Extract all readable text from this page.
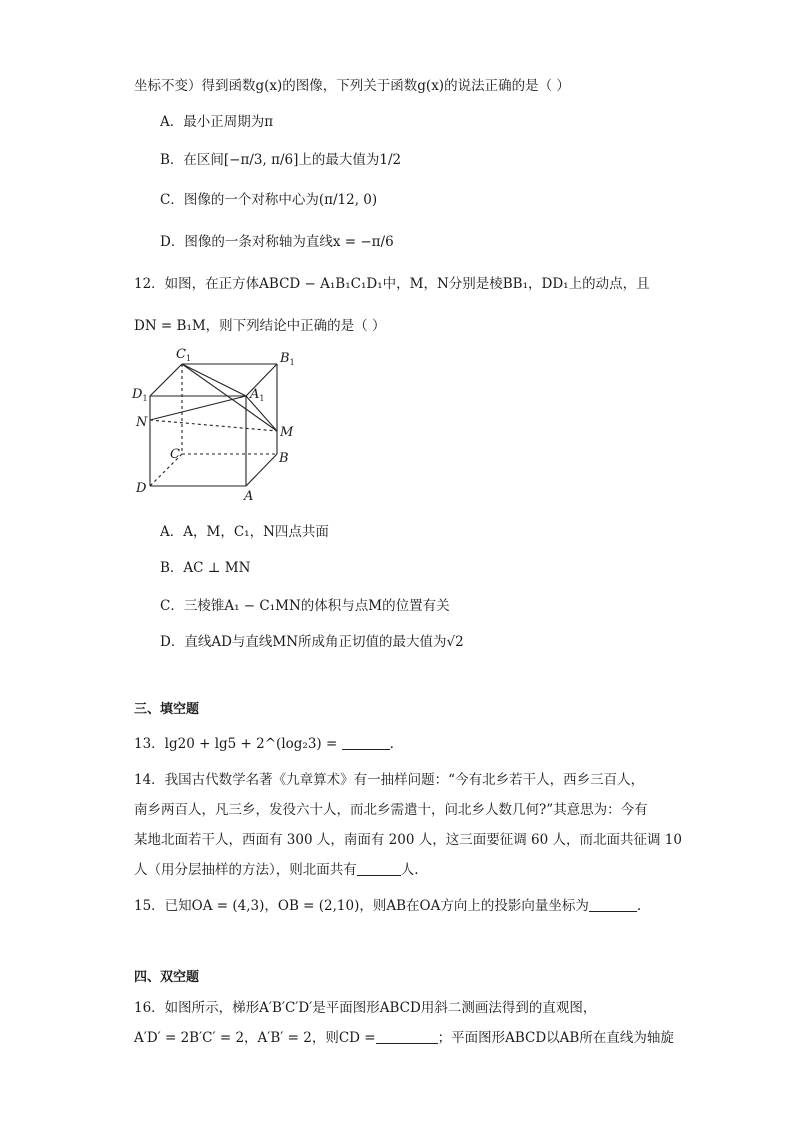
坐标不变）得到函数g(x)的图像，下列关于函数g(x)的说法正确的是（ ）
A．最小正周期为π
B．在区间[−π/3, π/6]上的最大值为1/2
C．图像的一个对称中心为(π/12, 0)
D．图像的一条对称轴为直线x = −π/6
12．如图，在正方体ABCD − A₁B₁C₁D₁中，M，N分别是棱BB₁，DD₁上的动点，且
DN = B₁M，则下列结论中正确的是（ ）
$C_1$	$B_1$
$D_1$	$A_1$
N
M
C	B
D
A
A．A，M，C₁，N四点共面
B．AC ⊥ MN
C．三棱锥A₁ − C₁MN的体积与点M的位置有关
D．直线AD与直线MN所成角正切值的最大值为√2
三、填空题
13．lg20 + lg5 + 2^(log₂3) =	.
14．我国古代数学名著《九章算术》有一抽样问题：“今有北乡若干人，西乡三百人，
南乡两百人，凡三乡，发役六十人，而北乡需遣十，问北乡人数几何?”其意思为：今有
某地北面若干人，西面有 300 人，南面有 200 人，这三面要征调 60 人，而北面共征调 10
人（用分层抽样的方法），则北面共有	人.
15．已知OA = (4,3)，OB = (2,10)，则AB在OA方向上的投影向量坐标为	.
四、双空题
16．如图所示，梯形A′B′C′D′是平面图形ABCD用斜二测画法得到的直观图，
A′D′ = 2B′C′ = 2，A′B′ = 2，则CD =	；平面图形ABCD以AB所在直线为轴旋
